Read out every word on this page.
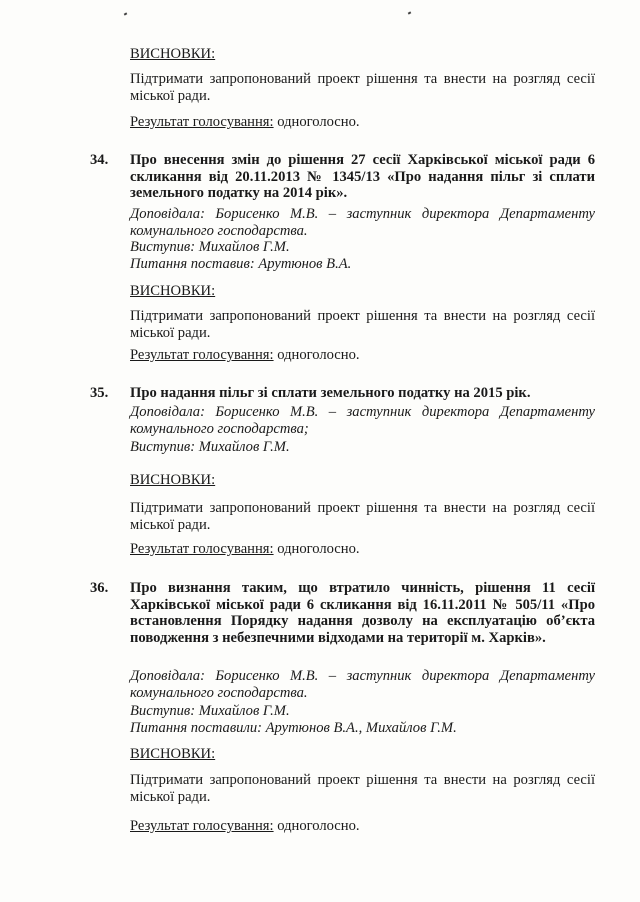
ВИСНОВКИ:
Підтримати запропонований проект рішення та внести на розгляд сесії міської ради.
Результат голосування: одноголосно.
34. Про внесення змін до рішення 27 сесії Харківської міської ради 6 скликання від 20.11.2013 № 1345/13 «Про надання пільг зі сплати земельного податку на 2014 рік».
Доповідала: Борисенко М.В. – заступник директора Департаменту комунального господарства.
Виступив: Михайлов Г.М.
Питання поставив: Арутюнов В.А.
ВИСНОВКИ:
Підтримати запропонований проект рішення та внести на розгляд сесії міської ради.
Результат голосування: одноголосно.
35. Про надання пільг зі сплати земельного податку на 2015 рік.
Доповідала: Борисенко М.В. – заступник директора Департаменту комунального господарства;
Виступив: Михайлов Г.М.
ВИСНОВКИ:
Підтримати запропонований проект рішення та внести на розгляд сесії міської ради.
Результат голосування: одноголосно.
36. Про визнання таким, що втратило чинність, рішення 11 сесії Харківської міської ради 6 скликання від 16.11.2011 № 505/11 «Про встановлення Порядку надання дозволу на експлуатацію об’єкта поводження з небезпечними відходами на території м. Харків».
Доповідала: Борисенко М.В. – заступник директора Департаменту комунального господарства.
Виступив: Михайлов Г.М.
Питання поставили: Арутюнов В.А., Михайлов Г.М.
ВИСНОВКИ:
Підтримати запропонований проект рішення та внести на розгляд сесії міської ради.
Результат голосування: одноголосно.
